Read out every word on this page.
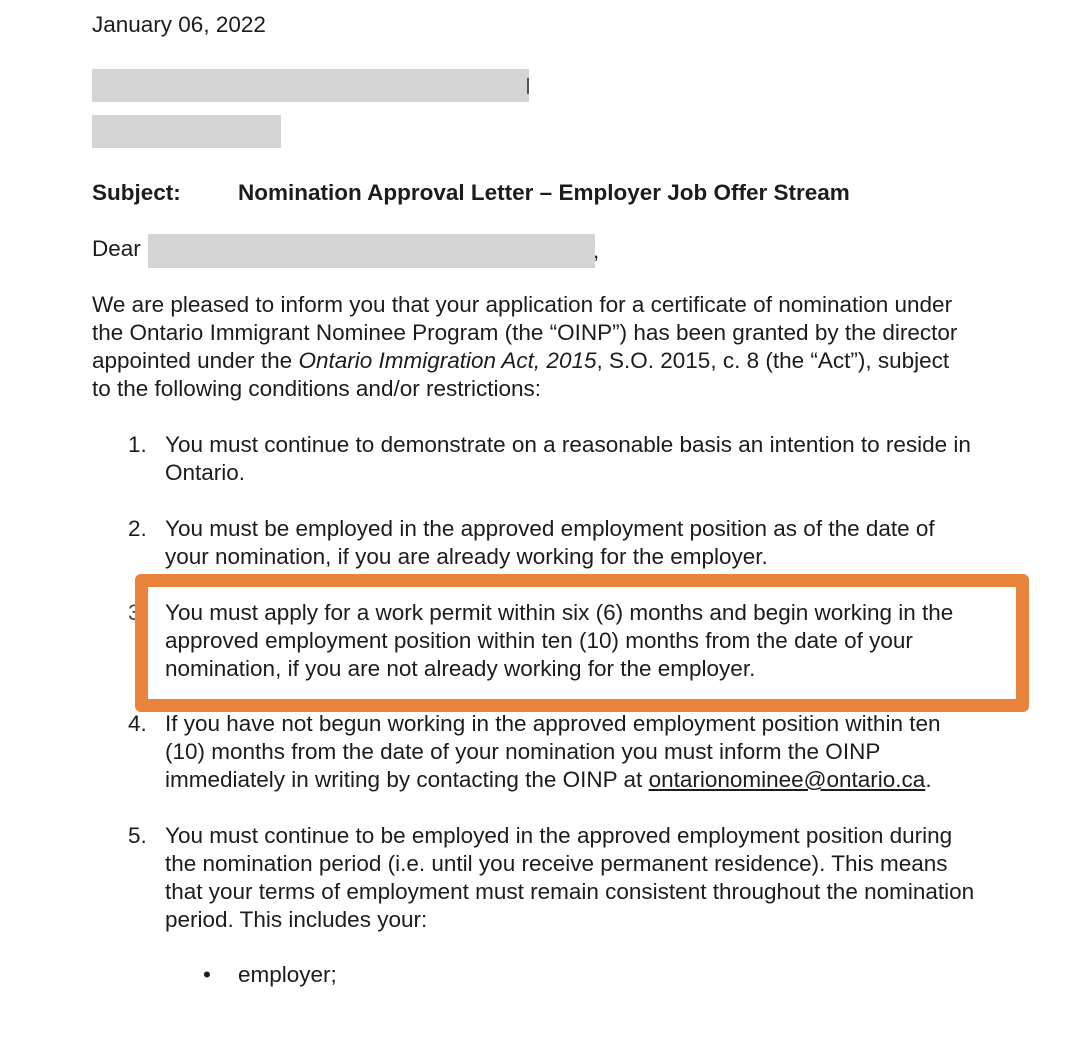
January 06, 2022
Subject:	Nomination Approval Letter – Employer Job Offer Stream
Dear	,
We are pleased to inform you that your application for a certificate of nomination under
the Ontario Immigrant Nominee Program (the “OINP”) has been granted by the director
appointed under the Ontario Immigration Act, 2015, S.O. 2015, c. 8 (the “Act”), subject
to the following conditions and/or restrictions:
1. You must continue to demonstrate on a reasonable basis an intention to reside in
Ontario.
2. You must be employed in the approved employment position as of the date of
your nomination, if you are already working for the employer.
3 You must apply for a work permit within six (6) months and begin working in the
approved employment position within ten (10) months from the date of your
nomination, if you are not already working for the employer.
4. If you have not begun working in the approved employment position within ten
(10) months from the date of your nomination you must inform the OINP
immediately in writing by contacting the OINP at ontarionominee@ontario.ca.
5. You must continue to be employed in the approved employment position during
the nomination period (i.e. until you receive permanent residence). This means
that your terms of employment must remain consistent throughout the nomination
period. This includes your:
• employer;
